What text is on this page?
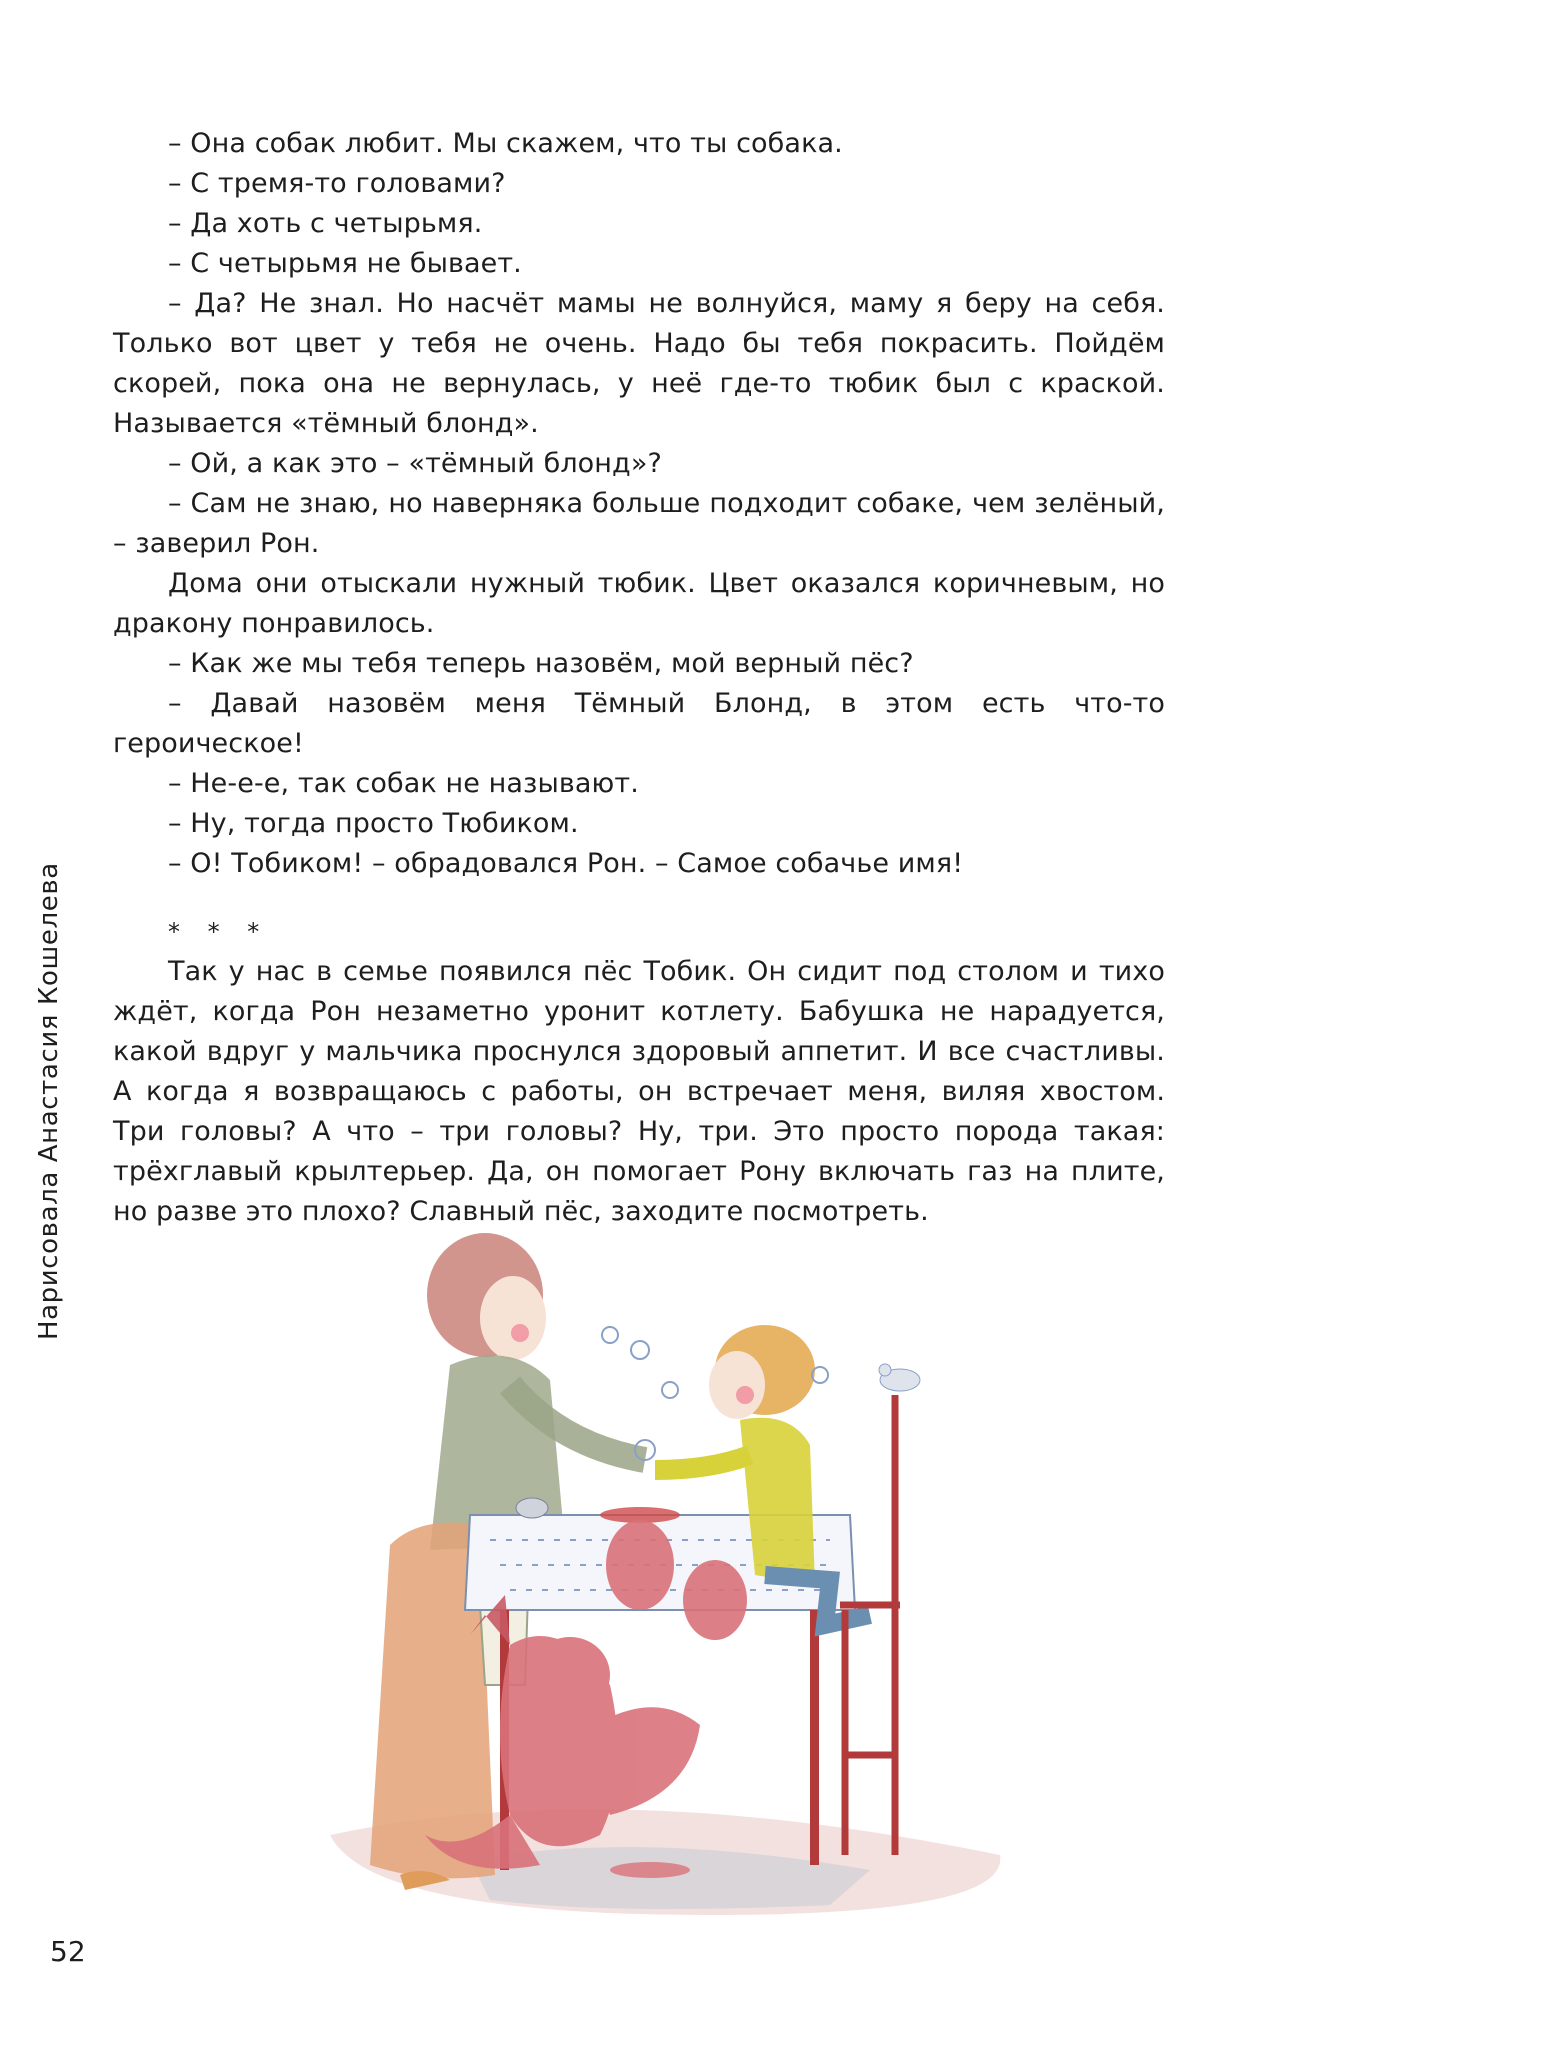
– Она собак любит. Мы скажем, что ты собака.

– С тремя-то головами?

– Да хоть с четырьмя.

– С четырьмя не бывает.

– Да? Не знал. Но насчёт мамы не волнуйся, маму я беру на себя. Только вот цвет у тебя не очень. Надо бы тебя покрасить. Пойдём скорей, пока она не вернулась, у неё где-то тюбик был с краской. Называется «тёмный блонд».

– Ой, а как это – «тёмный блонд»?

– Сам не знаю, но наверняка больше подходит собаке, чем зелёный, – заверил Рон.

Дома они отыскали нужный тюбик. Цвет оказался коричневым, но дракону понравилось.

– Как же мы тебя теперь назовём, мой верный пёс?

– Давай назовём меня Тёмный Блонд, в этом есть что-то героическое!

– Не-е-е, так собак не называют.

– Ну, тогда просто Тюбиком.

– О! Тобиком! – обрадовался Рон. – Самое собачье имя!

* * *

Так у нас в семье появился пёс Тобик. Он сидит под столом и тихо ждёт, когда Рон незаметно уронит котлету. Бабушка не нарадуется, какой вдруг у мальчика проснулся здоровый аппетит. И все счастливы. А когда я возвращаюсь с работы, он встречает меня, виляя хвостом. Три головы? А что – три головы? Ну, три. Это просто порода такая: трёхглавый крылтерьер. Да, он помогает Рону включать газ на плите, но разве это плохо? Славный пёс, заходите посмотреть.

Нарисовала Анастасия Кошелева
52
